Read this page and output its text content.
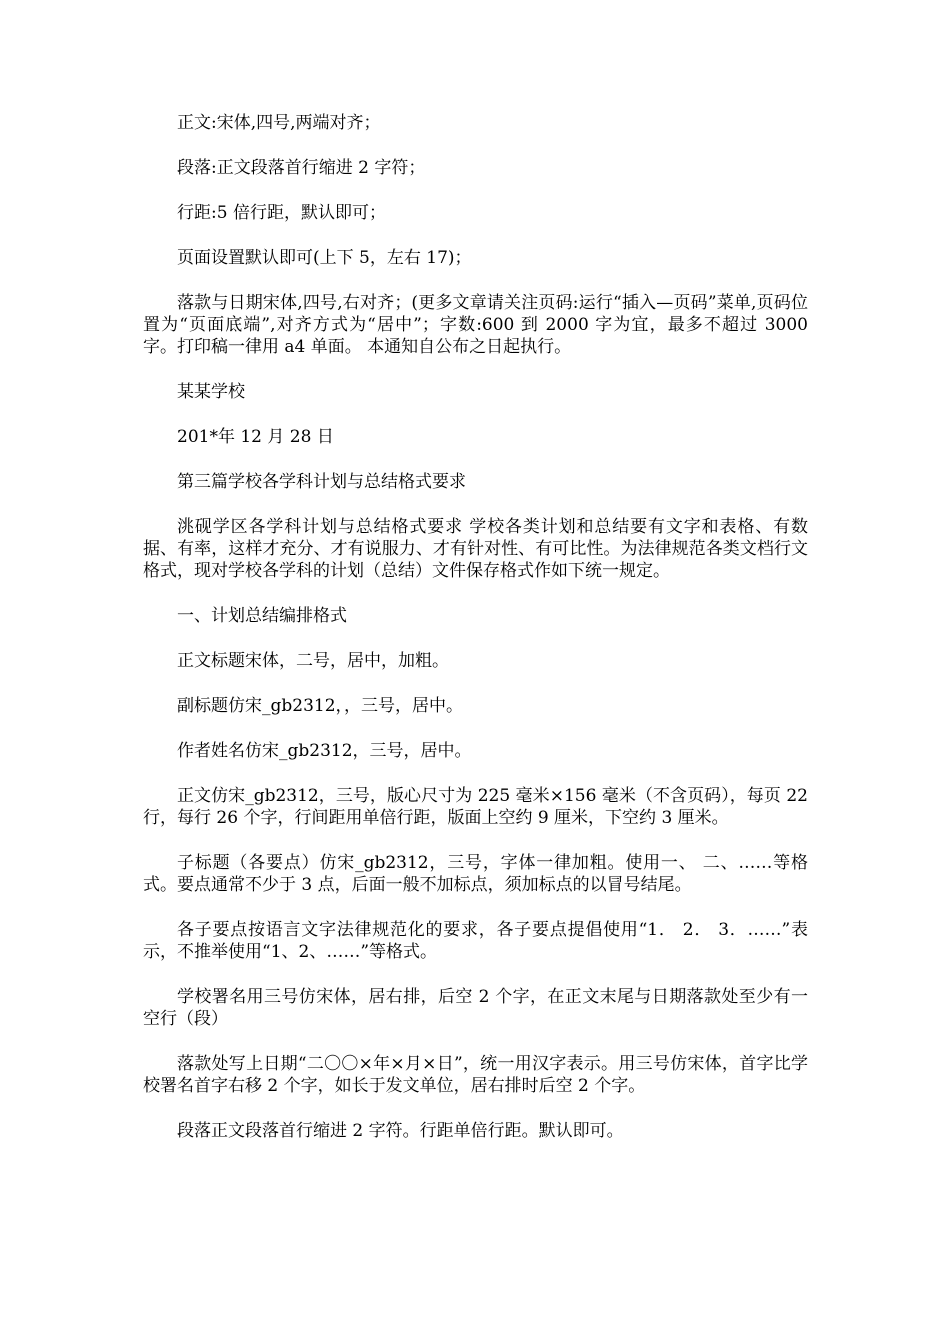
正文:宋体,四号,两端对齐；

段落:正文段落首行缩进 2 字符；

行距:5 倍行距，默认即可；

页面设置默认即可(上下 5，左右 17)；

落款与日期宋体,四号,右对齐；(更多文章请关注页码:运行“插入—页码”菜单,页码位置为“页面底端”,对齐方式为“居中”；字数:600 到 2000 字为宜，最多不超过 3000 字。打印稿一律用 a4 单面。 本通知自公布之日起执行。

某某学校

201*年 12 月 28 日

第三篇学校各学科计划与总结格式要求

洮砚学区各学科计划与总结格式要求 学校各类计划和总结要有文字和表格、有数据、有率，这样才充分、才有说服力、才有针对性、有可比性。为法律规范各类文档行文格式，现对学校各学科的计划（总结）文件保存格式作如下统一规定。

一、计划总结编排格式

正文标题宋体，二号，居中，加粗。

副标题仿宋_gb2312，，三号，居中。

作者姓名仿宋_gb2312，三号，居中。

正文仿宋_gb2312，三号，版心尺寸为 225 毫米×156 毫米（不含页码），每页 22 行，每行 26 个字，行间距用单倍行距，版面上空约 9 厘米，下空约 3 厘米。

子标题（各要点）仿宋_gb2312，三号，字体一律加粗。使用一、 二、……等格式。要点通常不少于 3 点，后面一般不加标点，须加标点的以冒号结尾。

各子要点按语言文字法律规范化的要求，各子要点提倡使用“1． 2． 3．……”表示，不推举使用“1、2、……”等格式。

学校署名用三号仿宋体，居右排，后空 2 个字，在正文末尾与日期落款处至少有一空行（段）

落款处写上日期“二〇〇×年×月×日”，统一用汉字表示。用三号仿宋体，首字比学校署名首字右移 2 个字，如长于发文单位，居右排时后空 2 个字。

段落正文段落首行缩进 2 字符。行距单倍行距。默认即可。
